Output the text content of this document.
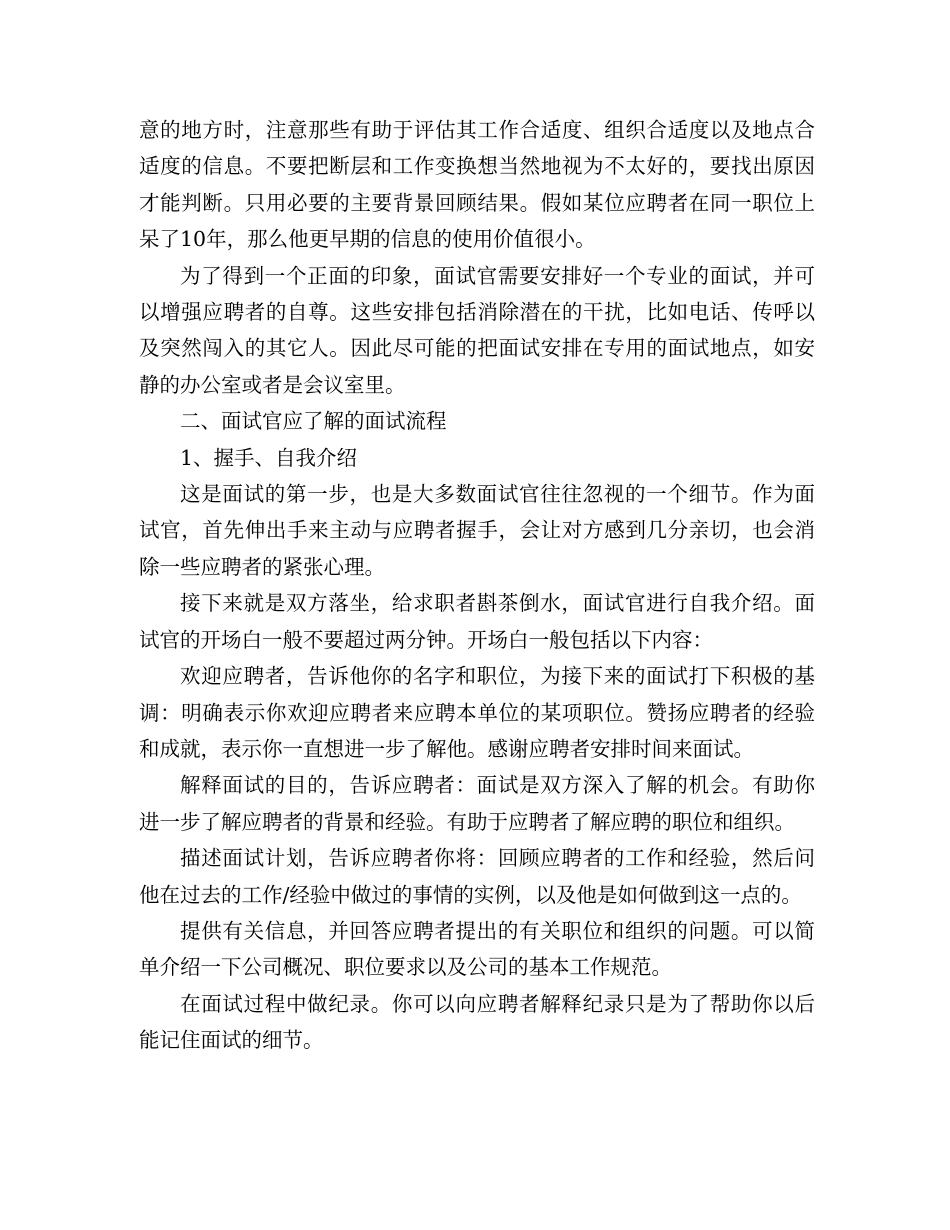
意的地方时，注意那些有助于评估其工作合适度、组织合适度以及地点合适度的信息。不要把断层和工作变换想当然地视为不太好的，要找出原因才能判断。只用必要的主要背景回顾结果。假如某位应聘者在同一职位上呆了10年，那么他更早期的信息的使用价值很小。

为了得到一个正面的印象，面试官需要安排好一个专业的面试，并可以增强应聘者的自尊。这些安排包括消除潜在的干扰，比如电话、传呼以及突然闯入的其它人。因此尽可能的把面试安排在专用的面试地点，如安静的办公室或者是会议室里。

二、面试官应了解的面试流程

1、握手、自我介绍

这是面试的第一步，也是大多数面试官往往忽视的一个细节。作为面试官，首先伸出手来主动与应聘者握手，会让对方感到几分亲切，也会消除一些应聘者的紧张心理。

接下来就是双方落坐，给求职者斟茶倒水，面试官进行自我介绍。面试官的开场白一般不要超过两分钟。开场白一般包括以下内容：

欢迎应聘者，告诉他你的名字和职位，为接下来的面试打下积极的基调：明确表示你欢迎应聘者来应聘本单位的某项职位。赞扬应聘者的经验和成就，表示你一直想进一步了解他。感谢应聘者安排时间来面试。

解释面试的目的，告诉应聘者：面试是双方深入了解的机会。有助你进一步了解应聘者的背景和经验。有助于应聘者了解应聘的职位和组织。

描述面试计划，告诉应聘者你将：回顾应聘者的工作和经验，然后问他在过去的工作/经验中做过的事情的实例，以及他是如何做到这一点的。

提供有关信息，并回答应聘者提出的有关职位和组织的问题。可以简单介绍一下公司概况、职位要求以及公司的基本工作规范。

在面试过程中做纪录。你可以向应聘者解释纪录只是为了帮助你以后能记住面试的细节。
